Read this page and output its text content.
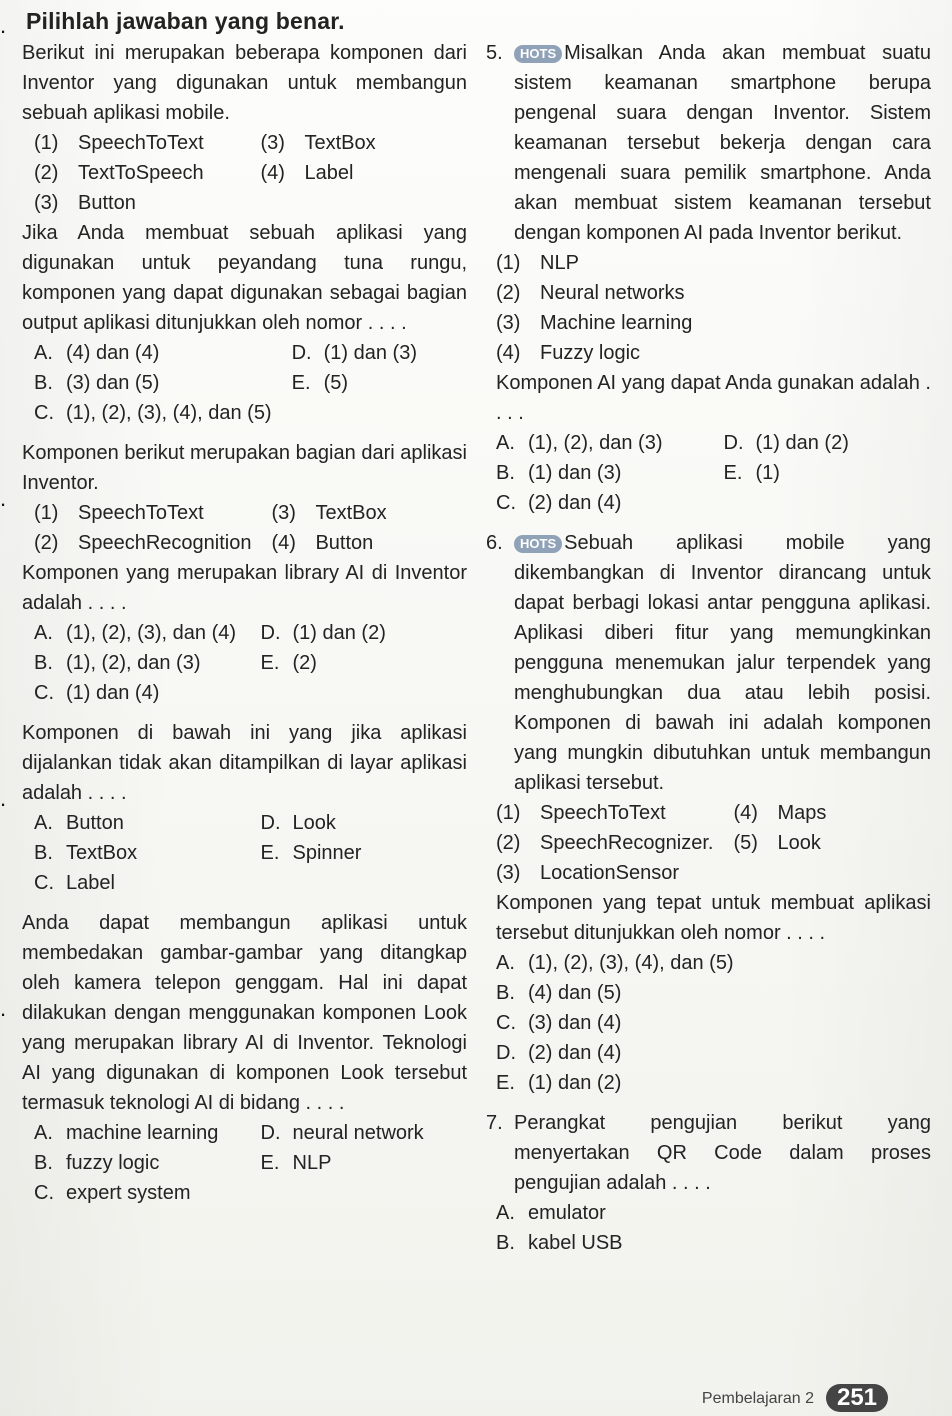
Pilihlah jawaban yang benar.
.
.
.
.
Berikut ini merupakan beberapa komponen dari Inventor yang digunakan untuk membangun sebuah aplikasi mobile.
(1) SpeechToText
(2) TextToSpeech
(3) Button
(3) TextBox
(4) Label
Jika Anda membuat sebuah aplikasi yang digunakan untuk peyandang tuna rungu, komponen yang dapat digunakan sebagai bagian output aplikasi ditunjukkan oleh nomor . . . .
A. (4) dan (4)
B. (3) dan (5)
C. (1), (2), (3), (4), dan (5)
D. (1) dan (3)
E. (5)
Komponen berikut merupakan bagian dari aplikasi Inventor.
(1) SpeechToText
(2) SpeechRecognition
(3) TextBox
(4) Button
Komponen yang merupakan library AI di Inventor adalah . . . .
A. (1), (2), (3), dan (4)
B. (1), (2), dan (3)
C. (1) dan (4)
D. (1) dan (2)
E. (2)
Komponen di bawah ini yang jika aplikasi dijalankan tidak akan ditampilkan di layar aplikasi adalah . . . .
A. Button
B. TextBox
C. Label
D. Look
E. Spinner
Anda dapat membangun aplikasi untuk membedakan gambar-gambar yang ditangkap oleh kamera telepon genggam. Hal ini dapat dilakukan dengan menggunakan komponen Look yang merupakan library AI di Inventor. Teknologi AI yang digunakan di komponen Look tersebut termasuk teknologi AI di bidang . . . .
A. machine learning
B. fuzzy logic
C. expert system
D. neural network
E. NLP
5.	HOTS Misalkan Anda akan membuat suatu sistem keamanan smartphone berupa pengenal suara dengan Inventor. Sistem keamanan tersebut bekerja dengan cara mengenali suara pemilik smartphone. Anda akan membuat sistem keamanan tersebut dengan komponen AI pada Inventor berikut.
(1) NLP
(2) Neural networks
(3) Machine learning
(4) Fuzzy logic
Komponen AI yang dapat Anda gunakan adalah . . . .
A. (1), (2), dan (3)
B. (1) dan (3)
C. (2) dan (4)
D. (1) dan (2)
E. (1)
6.	HOTS Sebuah aplikasi mobile yang dikembangkan di Inventor dirancang untuk dapat berbagi lokasi antar pengguna aplikasi. Aplikasi diberi fitur yang memungkinkan pengguna menemukan jalur terpendek yang menghubungkan dua atau lebih posisi. Komponen di bawah ini adalah komponen yang mungkin dibutuhkan untuk membangun aplikasi tersebut.
(1) SpeechToText
(2) SpeechRecognizer.
(3) LocationSensor
(4) Maps
(5) Look
Komponen yang tepat untuk membuat aplikasi tersebut ditunjukkan oleh nomor . . . .
A. (1), (2), (3), (4), dan (5)
B. (4) dan (5)
C. (3) dan (4)
D. (2) dan (4)
E. (1) dan (2)
7. Perangkat pengujian berikut yang menyertakan QR Code dalam proses pengujian adalah . . . .
A. emulator
B. kabel USB
Pembelajaran 2 251
